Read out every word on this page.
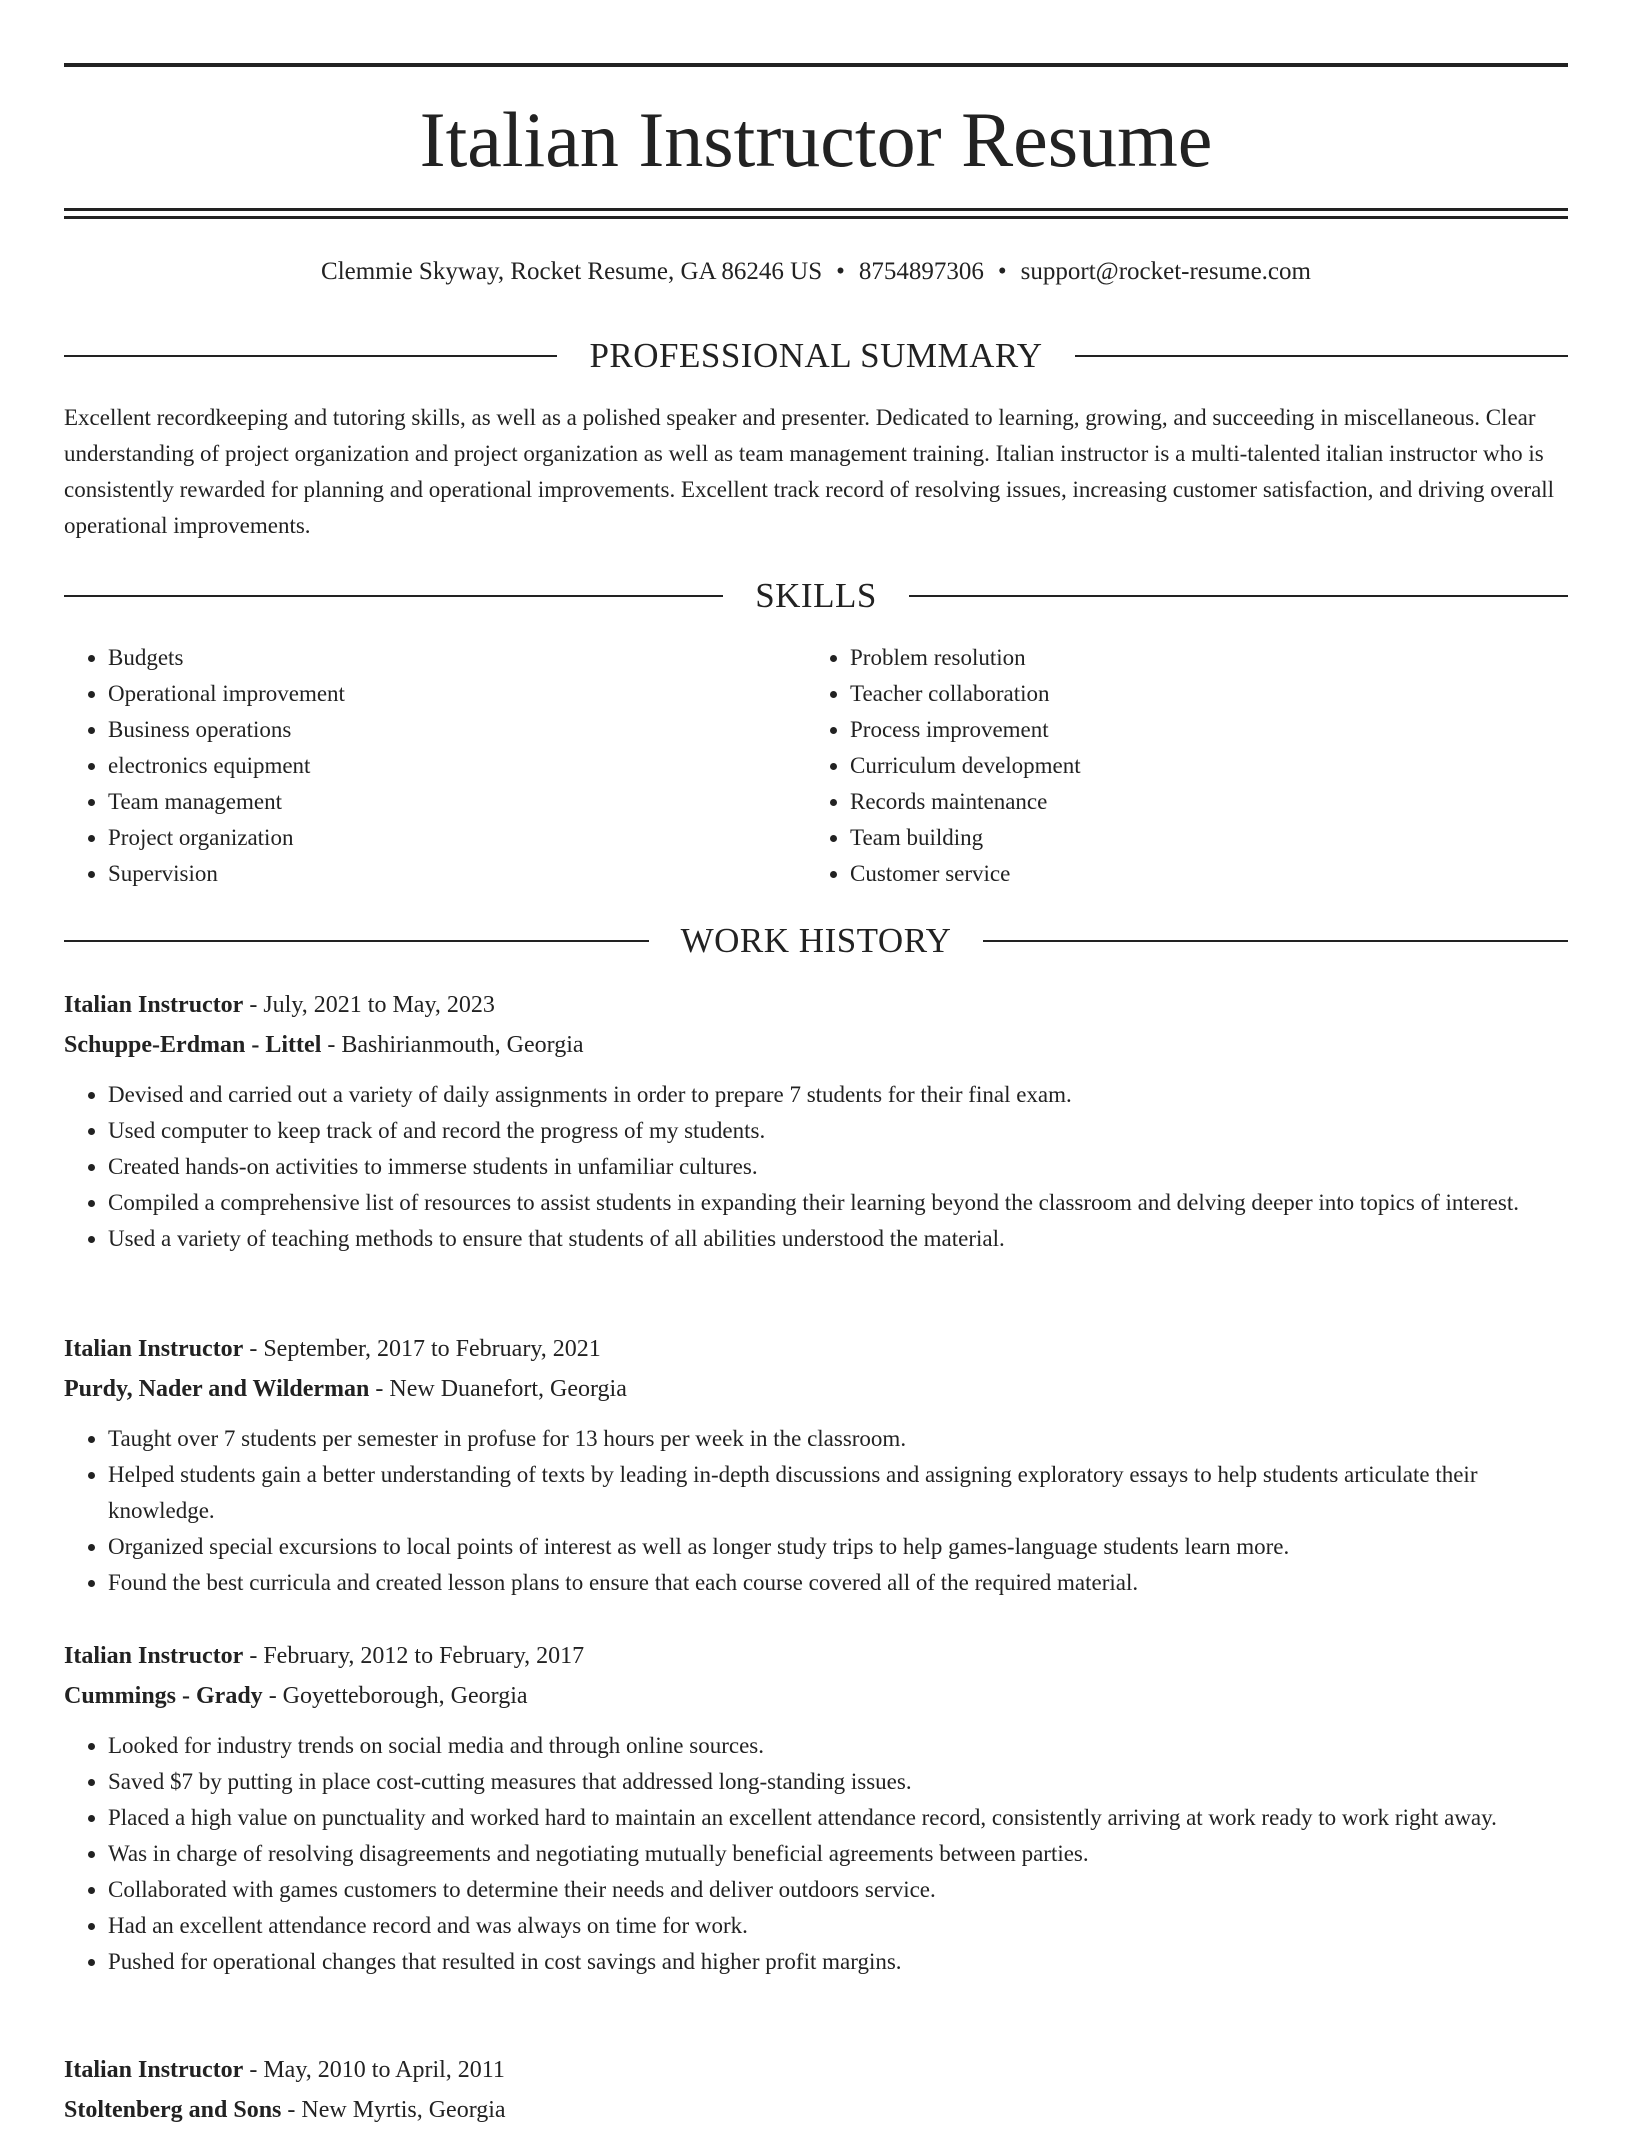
Italian Instructor Resume
Clemmie Skyway, Rocket Resume, GA 86246 US • 8754897306 • support@rocket-resume.com
PROFESSIONAL SUMMARY

Excellent recordkeeping and tutoring skills, as well as a polished speaker and presenter. Dedicated to learning, growing, and succeeding in miscellaneous. Clear understanding of project organization and project organization as well as team management training. Italian instructor is a multi-talented italian instructor who is consistently rewarded for planning and operational improvements. Excellent track record of resolving issues, increasing customer satisfaction, and driving overall operational improvements.

SKILLS
• Budgets
• Operational improvement
• Business operations
• electronics equipment
• Team management
• Project organization
• Supervision
• Problem resolution
• Teacher collaboration
• Process improvement
• Curriculum development
• Records maintenance
• Team building
• Customer service
WORK HISTORY

Italian Instructor - July, 2021 to May, 2023

Schuppe-Erdman - Littel - Bashirianmouth, Georgia

• Devised and carried out a variety of daily assignments in order to prepare 7 students for their final exam.
• Used computer to keep track of and record the progress of my students.
• Created hands-on activities to immerse students in unfamiliar cultures.
• Compiled a comprehensive list of resources to assist students in expanding their learning beyond the classroom and delving deeper into topics of interest.
• Used a variety of teaching methods to ensure that students of all abilities understood the material.

Italian Instructor - September, 2017 to February, 2021

Purdy, Nader and Wilderman - New Duanefort, Georgia

• Taught over 7 students per semester in profuse for 13 hours per week in the classroom.
• Helped students gain a better understanding of texts by leading in-depth discussions and assigning exploratory essays to help students articulate their knowledge.
• Organized special excursions to local points of interest as well as longer study trips to help games-language students learn more.
• Found the best curricula and created lesson plans to ensure that each course covered all of the required material.

Italian Instructor - February, 2012 to February, 2017

Cummings - Grady - Goyetteborough, Georgia

• Looked for industry trends on social media and through online sources.
• Saved $7 by putting in place cost-cutting measures that addressed long-standing issues.
• Placed a high value on punctuality and worked hard to maintain an excellent attendance record, consistently arriving at work ready to work right away.
• Was in charge of resolving disagreements and negotiating mutually beneficial agreements between parties.
• Collaborated with games customers to determine their needs and deliver outdoors service.
• Had an excellent attendance record and was always on time for work.
• Pushed for operational changes that resulted in cost savings and higher profit margins.

Italian Instructor - May, 2010 to April, 2011

Stoltenberg and Sons - New Myrtis, Georgia
